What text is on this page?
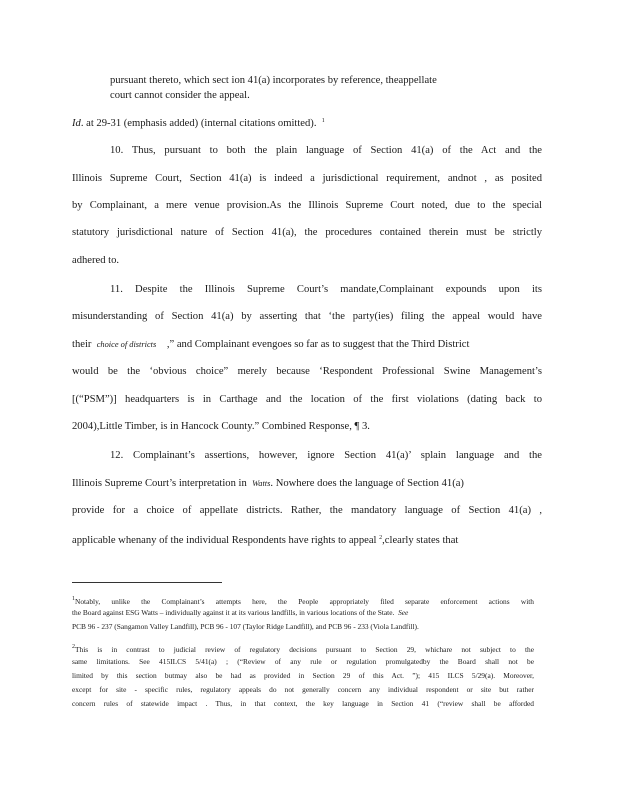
pursuant thereto, which sect ion 41(a) incorporates by reference, theappellate
court cannot consider the appeal.
Id. at 29-31 (emphasis added) (internal citations omitted). $^1$
10. Thus, pursuant to both the plain language of Section 41(a) of the Act and the
Illinois Supreme Court, Section 41(a) is indeed a jurisdictional requirement, andnot , as posited
by Complainant, a mere venue provision.As the Illinois Supreme Court noted, due to the special
statutory jurisdictional nature of Section 41(a), the procedures contained therein must be strictly
adhered to.
11. Despite the Illinois Supreme Court’s mandate,Complainant expounds upon its
misunderstanding of Section 41(a) by asserting that ‘the party(ies) filing the appeal would have
their choice of districts ,” and Complainant evengoes so far as to suggest that the Third District
would be the ‘obvious choice” merely because ‘Respondent Professional Swine Management’s
[(“PSM”)] headquarters is in Carthage and the location of the first violations (dating back to
2004),Little Timber, is in Hancock County.” Combined Response, ¶ 3.
12. Complainant’s assertions, however, ignore Section 41(a)’ splain language and the
Illinois Supreme Court’s interpretation in Watts. Nowhere does the language of Section 41(a)
provide for a choice of appellate districts. Rather, the mandatory language of Section 41(a) ,
applicable whenany of the individual Respondents have rights to appeal $^2$,clearly states that
$^1$Notably, unlike the Complainant’s attempts here, the People appropriately filed separate enforcement actions with
the Board against ESG Watts – individually against it at its various landfills, in various locations of the State. See
PCB 96 - 237 (Sangamon Valley Landfill), PCB 96 - 107 (Taylor Ridge Landfill), and PCB 96 - 233 (Viola Landfill).
$^2$This is in contrast to judicial review of regulatory decisions pursuant to Section 29, whichare not subject to the
same limitations. See 415ILCS 5/41(a) ; (“Review of any rule or regulation promulgatedby the Board shall not be
limited by this section butmay also be had as provided in Section 29 of this Act. ”); 415 ILCS 5/29(a). Moreover,
except for site - specific rules, regulatory appeals do not generally concern any individual respondent or site but rather
concern rules of statewide impact . Thus, in that context, the key language in Section 41 (“review shall be afforded
